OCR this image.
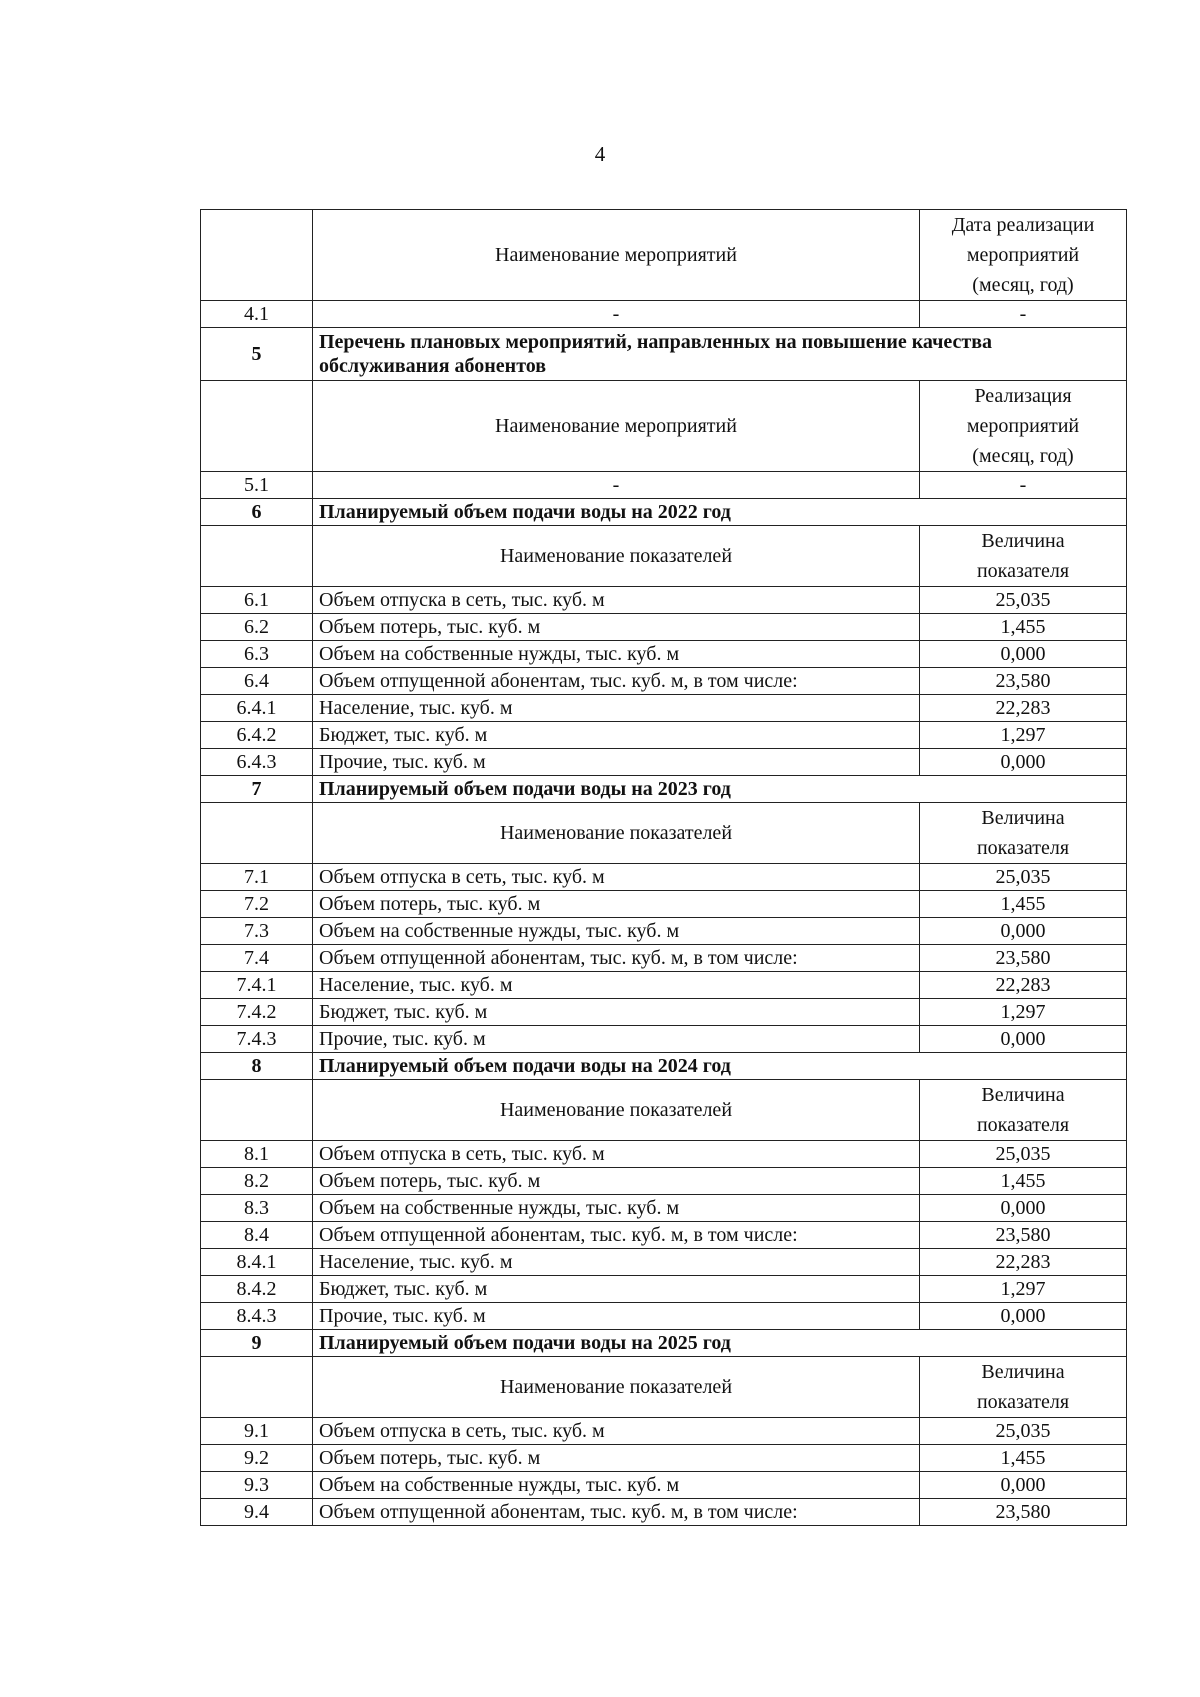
4
	Наименование мероприятий	Дата реализации
мероприятий
(месяц, год)

4.1	-	-
5	Перечень плановых мероприятий, направленных на повышение качества обслуживания абонентов	
	Наименование мероприятий	Реализация
мероприятий
(месяц, год)

5.1	-	-
6	Планируемый объем подачи воды на 2022 год	
	Наименование показателей	Величина
показателя

6.1	Объем отпуска в сеть, тыс. куб. м	25,035
6.2	Объем потерь, тыс. куб. м	1,455
6.3	Объем на собственные нужды, тыс. куб. м	0,000
6.4	Объем отпущенной абонентам, тыс. куб. м, в том числе:	23,580
6.4.1	Население, тыс. куб. м	22,283
6.4.2	Бюджет, тыс. куб. м	1,297
6.4.3	Прочие, тыс. куб. м	0,000
7	Планируемый объем подачи воды на 2023 год	
	Наименование показателей	Величина
показателя

7.1	Объем отпуска в сеть, тыс. куб. м	25,035
7.2	Объем потерь, тыс. куб. м	1,455
7.3	Объем на собственные нужды, тыс. куб. м	0,000
7.4	Объем отпущенной абонентам, тыс. куб. м, в том числе:	23,580
7.4.1	Население, тыс. куб. м	22,283
7.4.2	Бюджет, тыс. куб. м	1,297
7.4.3	Прочие, тыс. куб. м	0,000
8	Планируемый объем подачи воды на 2024 год	
	Наименование показателей	Величина
показателя

8.1	Объем отпуска в сеть, тыс. куб. м	25,035
8.2	Объем потерь, тыс. куб. м	1,455
8.3	Объем на собственные нужды, тыс. куб. м	0,000
8.4	Объем отпущенной абонентам, тыс. куб. м, в том числе:	23,580
8.4.1	Население, тыс. куб. м	22,283
8.4.2	Бюджет, тыс. куб. м	1,297
8.4.3	Прочие, тыс. куб. м	0,000
9	Планируемый объем подачи воды на 2025 год	
	Наименование показателей	Величина
показателя

9.1	Объем отпуска в сеть, тыс. куб. м	25,035
9.2	Объем потерь, тыс. куб. м	1,455
9.3	Объем на собственные нужды, тыс. куб. м	0,000
9.4	Объем отпущенной абонентам, тыс. куб. м, в том числе:	23,580
